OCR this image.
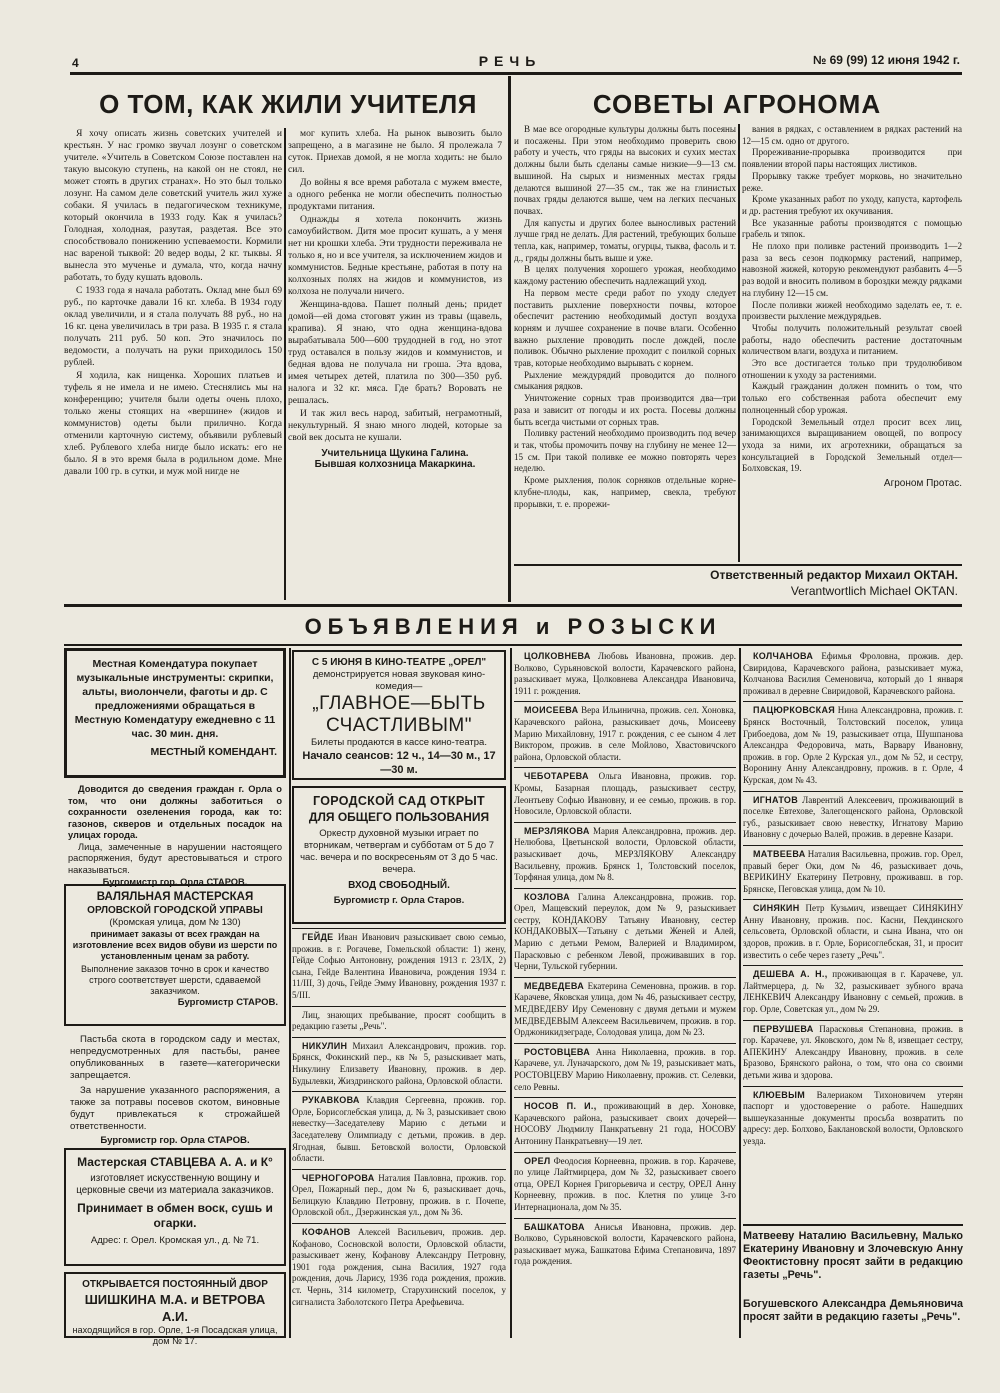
4	РЕЧЬ	№ 69 (99) 12 июня 1942 г.
О ТОМ, КАК ЖИЛИ УЧИТЕЛЯ

Я хочу описать жизнь советских учителей и крестьян. У нас громко звучал лозунг о советском учителе. «Учитель в Советском Союзе поставлен на такую высокую ступень, на какой он не стоял, не может стоять в других странах». Но это был только лозунг. На самом деле советский учитель жил хуже собаки. Я училась в педагогическом техникуме, который окончила в 1933 году. Как я училась? Голодная, холодная, разутая, раздетая. Все это способствовало понижению успеваемости. Кормили нас вареной тыквой: 20 ведер воды, 2 кг. тыквы. Я вынесла это мученье и думала, что, когда начну работать, то буду кушать вдоволь.

С 1933 года я начала работать. Оклад мне был 69 руб., по карточке давали 16 кг. хлеба. В 1934 году оклад увеличили, и я стала получать 88 руб., но на 16 кг. цена увеличилась в три раза. В 1935 г. я стала получать 211 руб. 50 коп. Это значилось по ведомости, а получать на руки приходилось 150 рублей.

Я ходила, как нищенка. Хороших платьев и туфель я не имела и не имею. Стеснялись мы на конференцию; учителя были одеты очень плохо, только жены стоящих на «вершине» (жидов и коммунистов) одеты были прилично. Когда отменили карточную систему, объявили рублевый хлеб. Рублевого хлеба нигде было искать: его не было. Я в это время была в родильном доме. Мне давали 100 гр. в сутки, и муж мой нигде не

мог купить хлеба. На рынок вывозить было запрещено, а в магазине не было. Я пролежала 7 суток. Приехав домой, я не могла ходить: не было сил.

До войны я все время работала с мужем вместе, а одного ребенка не могли обеспечить полностью продуктами питания.

Однажды я хотела покончить жизнь самоубийством. Дитя мое просит кушать, а у меня нет ни крошки хлеба. Эти трудности переживала не только я, но и все учителя, за исключением жидов и коммунистов. Бедные крестьяне, работая в поту на колхозных полях на жидов и коммунистов, из колхоза не получали ничего.

Женщина-вдова. Пашет полный день; придет домой—ей дома стоговят ужин из травы (щавель, крапива). Я знаю, что одна женщина-вдова вырабатывала 500—600 трудодней в год, но этот труд оставался в пользу жидов и коммунистов, и бедная вдова не получала ни гроша. Эта вдова, имея четырех детей, платила по 300—350 руб. налога и 32 кг. мяса. Где брать? Воровать не решалась.

И так жил весь народ, забитый, неграмотный, некультурный. Я знаю много людей, которые за свой век досыта не кушали.

Учительница Щукина Галина.
Бывшая колхозница Макаркина.
СОВЕТЫ АГРОНОМА

В мае все огородные культуры должны быть посеяны и посажены. При этом необходимо проверить свою работу и учесть, что гряды на высоких и сухих местах должны были быть сделаны самые низкие—9—13 см. вышиной. На сырых и низменных местах гряды делаются вышиной 27—35 см., так же на глинистых почвах гряды делаются выше, чем на легких песчаных почвах.

Для капусты и других более выносливых растений лучше гряд не делать. Для растений, требующих больше тепла, как, например, томаты, огурцы, тыква, фасоль и т. д., гряды должны быть выше и уже.

В целях получения хорошего урожая, необходимо каждому растению обеспечить надлежащий уход.

На первом месте среди работ по уходу следует поставить рыхление поверхности почвы, которое обеспечит растению необходимый доступ воздуха корням и лучшее сохранение в почве влаги. Особенно важно рыхление проводить после дождей, после поливок. Обычно рыхление проходит с поилкой сорных трав, которые необходимо вырывать с корнем.

Рыхление междурядий проводится до полного смыкания рядков.

Уничтожение сорных трав производится два—три раза и зависит от погоды и их роста. Посевы должны быть всегда чистыми от сорных трав.

Поливку растений необходимо производить под вечер и так, чтобы промочить почву на глубину не менее 12—15 см. При такой поливке ее можно повторять через неделю.

Кроме рыхления, полок сорняков отдельные корне-клубне-плоды, как, например, свекла, требуют прорывки, т. е. прорежи-

вания в рядках, с оставлением в рядках растений на 12—15 см. одно от другого.

Прореживание-прорывка производится при появлении второй пары настоящих листиков.

Прорывку также требует морковь, но значительно реже.

Кроме указанных работ по уходу, капуста, картофель и др. растения требуют их окучивания.

Все указанные работы производятся с помощью грабель и тяпок.

Не плохо при поливке растений производить 1—2 раза за весь сезон подкормку растений, например, навозной жижей, которую рекомендуют разбавить 4—5 раз водой и вносить поливом в бороздки между рядками на глубину 12—15 см.

После поливки жижей необходимо заделать ее, т. е. произвести рыхление междурядьев.

Чтобы получить положительный результат своей работы, надо обеспечить растение достаточным количеством влаги, воздуха и питанием.

Это все достигается только при трудолюбивом отношении к уходу за растениями.

Каждый гражданин должен помнить о том, что только его собственная работа обеспечит ему полноценный сбор урожая.

Городской Земельный отдел просит всех лиц, занимающихся выращиванием овощей, по вопросу ухода за ними, их агротехники, обращаться за консультацией в Городской Земельный отдел—Болховская, 19.

Агроном Протас.
Ответственный редактор Михаил ОКТАН.
Verantwortlich Michael OKTAN.
ОБЪЯВЛЕНИЯ и РОЗЫСКИ
Местная Комендатура покупает музыкальные инструменты: скрипки, альты, виолончели, фаготы и др. С предложениями обращаться в Местную Комендатуру ежедневно с 11 час. 30 мин. дня.
МЕСТНЫЙ КОМЕНДАНТ.
Доводится до сведения граждан г. Орла о том, что они должны заботиться о сохранности озеленения города, как то: газонов, скверов и отдельных посадок на улицах города.
Лица, замеченные в нарушении настоящего распоряжения, будут арестовываться и строго наказываться.
Бургомистр гор. Орла СТАРОВ.
ВАЛЯЛЬНАЯ МАСТЕРСКАЯ
ОРЛОВСКОЙ ГОРОДСКОЙ УПРАВЫ
(Кромская улица, дом № 130)
принимает заказы от всех граждан на изготовление всех видов обуви из шерсти по установленным ценам за работу.
Выполнение заказов точно в срок и качество строго соответствует шерсти, сдаваемой заказчиком.
Бургомистр СТАРОВ.
Пастьба скота в городском саду и местах, непредусмотренных для пастьбы, ранее опубликованных в газете—категорически запрещается.
За нарушение указанного распоряжения, а также за потравы посевов скотом, виновные будут привлекаться к строжайшей ответственности.
Бургомистр гор. Орла СТАРОВ.
Мастерская СТАВЦЕВА А. А. и К°
изготовляет искусственную вощину и церковные свечи из материала заказчиков.
Принимает в обмен воск, сушь и огарки.
Адрес: г. Орел. Кромская ул., д. № 71.
ОТКРЫВАЕТСЯ ПОСТОЯННЫЙ ДВОР
ШИШКИНА М.А. и ВЕТРОВА А.И.
находящийся в гор. Орле, 1-я Посадская улица, дом № 17.
С 5 ИЮНЯ В КИНО-ТЕАТРЕ „ОРЕЛ"
демонстрируется новая звуковая кино-комедия—
„ГЛАВНОЕ—БЫТЬ
СЧАСТЛИВЫМ"
Билеты продаются в кассе кино-театра.
Начало сеансов: 12 ч., 14—30 м., 17—30 м.
ГОРОДСКОЙ САД ОТКРЫТ
ДЛЯ ОБЩЕГО ПОЛЬЗОВАНИЯ
Оркестр духовной музыки играет по вторникам, четвергам и субботам от 5 до 7 час. вечера и по воскресеньям от 3 до 5 час. вечера.
ВХОД СВОБОДНЫЙ.
Бургомистр г. Орла Старов.
ГЕЙДЕ Иван Иванович разыскивает свою семью, прожив. в г. Рогачеве, Гомельской области: 1) жену, Гейде Софью Антоновну, рождения 1913 г. 23/IX, 2) сына, Гейде Валентина Ивановича, рождения 1934 г. 11/III, 3) дочь, Гейде Эмму Ивановну, рождения 1937 г. 5/III.
Лиц, знающих пребывание, просят сообщить в редакцию газеты „Речь".
НИКУЛИН Михаил Александрович, прожив. гор. Брянск, Фокинский пер., кв № 5, разыскивает мать, Никулину Елизавету Ивановну, прожив. в дер. Будылевки, Жиздринского района, Орловской области.
РУКАВКОВА Клавдия Сергеевна, прожив. гор. Орле, Борисоглебская улица, д. № 3, разыскивает свою невестку—Заседателеву Марию с детьми и Заседателеву Олимпиаду с детьми, прожив. в дер. Ягодная, бывш. Бетовской волости, Орловской области.
ЧЕРНОГОРОВА Наталия Павловна, прожив. гор. Орел, Пожарный пер., дом № 6, разыскивает дочь, Белицкую Клавдию Петровну, прожив. в г. Почепе, Орловской обл., Дзержинская ул., дом № 36.
КОФАНОВ Алексей Васильевич, прожив. дер. Кофаново, Сосновской волости, Орловской области, разыскивает жену, Кофанову Александру Петровну, 1901 года рождения, сына Василия, 1927 года рождения, дочь Ларису, 1936 года рождения, прожив. ст. Чернь, 314 километр, Старухинский поселок, у сигналиста Заболотского Петра Арефьевича.
ЦОЛКОВНЕВА Любовь Ивановна, прожив. дер. Волково, Сурьяновской волости, Карачевского района, разыскивает мужа, Цолковнева Александра Ивановича, 1911 г. рождения.
МОИСЕЕВА Вера Ильинична, прожив. сел. Хоновка, Карачевского района, разыскивает дочь, Моисееву Марию Михайловну, 1917 г. рождения, с ее сыном 4 лет Виктором, прожив. в селе Мойлово, Хвастовичского района, Орловской области.
ЧЕБОТАРЕВА Ольга Ивановна, прожив. гор. Кромы, Базарная площадь, разыскивает сестру, Леонтьеву Софью Ивановну, и ее семью, прожив. в гор. Новосиле, Орловской области.
МЕРЗЛЯКОВА Мария Александровна, прожив. дер. Нелюбова, Цветынской волости, Орловской области, разыскивает дочь, МЕРЗЛЯКОВУ Александру Васильевну, прожив. Брянск 1, Толстовский поселок, Торфяная улица, дом № 8.
КОЗЛОВА Галина Александровна, прожив. гор. Орел, Мащевский переулок, дом № 9, разыскивает сестру, КОНДАКОВУ Татьяну Ивановну, сестер КОНДАКОВЫХ—Татьяну с детьми Женей и Алей, Марию с детьми Ремом, Валерией и Владимиром, Парасковью с ребенком Левой, проживавших в гор. Черни, Тульской губернии.
МЕДВЕДЕВА Екатерина Семеновна, прожив. в гор. Карачеве, Яковская улица, дом № 46, разыскивает сестру, МЕДВЕДЕВУ Иру Семеновну с двумя детьми и мужем МЕДВЕДЕВЫМ Алексеем Васильевичем, прожив. в гор. Орджоникидзеграде, Солодовая улица, дом № 23.
РОСТОВЦЕВА Анна Николаевна, прожив. в гор. Карачеве, ул. Луначарского, дом № 19, разыскивает мать, РОСТОВЦЕВУ Марию Николаевну, прожив. ст. Селевки, село Ревны.
НОСОВ П. И., проживающий в дер. Хоновке, Карачевского района, разыскивает своих дочерей—НОСОВУ Людмилу Панкратьевну 21 года, НОСОВУ Антонину Панкратьевну—19 лет.
ОРЕЛ Феодосия Корнеевна, прожив. в гор. Карачеве, по улице Лайтмирцера, дом № 32, разыскивает своего отца, ОРЕЛ Корнея Григорьевича и сестру, ОРЕЛ Анну Корнеевну, прожив. в пос. Клетня по улице 3-го Интернационала, дом № 35.
БАШКАТОВА Анисья Ивановна, прожив. дер. Волково, Сурьяновской волости, Карачевского района, разыскивает мужа, Башкатова Ефима Степановича, 1897 года рождения.
КОЛЧАНОВА Ефимья Фроловна, прожив. дер. Свиридова, Карачевского района, разыскивает мужа, Колчанова Василия Семеновича, который до 1 января проживал в деревне Свиридовой, Карачевского района.
ПАЦЮРКОВСКАЯ Нина Александровна, прожив. г. Брянск Восточный, Толстовский поселок, улица Грибоедова, дом № 19, разыскивает отца, Шушпанова Александра Федоровича, мать, Варвару Ивановну, прожив. в гор. Орле 2 Курская ул., дом № 52, и сестру, Воронину Анну Александровну, прожив. в г. Орле, 4 Курская, дом № 43.
ИГНАТОВ Лаврентий Алексеевич, проживающий в поселке Евтехове, Залегощенского района, Орловской губ., разыскивает свою невестку, Игнатову Марию Ивановну с дочерью Валей, прожив. в деревне Казари.
МАТВЕЕВА Наталия Васильевна, прожив. гор. Орел, правый берег Оки, дом № 46, разыскивает дочь, ВЕРИКИНУ Екатерину Петровну, проживавш. в гор. Брянске, Пеговская улица, дом № 10.
СИНЯКИН Петр Кузьмич, извещает СИНЯКИНУ Анну Ивановну, прожив. пос. Касни, Пекдинского сельсовета, Орловской области, и сына Ивана, что он здоров, прожив. в г. Орле, Борисоглебская, 31, и просит известить о себе через газету „Речь".
ДЕШЕВА А. Н., проживающая в г. Карачеве, ул. Лайтмерцера, д. № 32, разыскивает зубного врача ЛЕНКЕВИЧ Александру Ивановну с семьей, прожив. в гор. Орле, Советская ул., дом № 29.
ПЕРВУШЕВА Парасковья Степановна, прожив. в гор. Карачеве, ул. Яковского, дом № 8, извещает сестру, АПЕКИНУ Александру Ивановну, прожив. в селе Бразово, Брянского района, о том, что она со своими детьми жива и здорова.
КЛЮЕВЫМ Валериаком Тихоновичем утерян паспорт и удостоверение о работе. Нашедших вышеуказанные документы просьба возвратить по адресу: дер. Болхово, Баклановской волости, Орловского уезда.
Матвееву Наталию Васильевну, Малько Екатерину Ивановну и Злочевскую Анну Феоктистовну просят зайти в редакцию газеты „Речь".
Богушевского Александра Демьяновича просят зайти в редакцию газеты „Речь".
